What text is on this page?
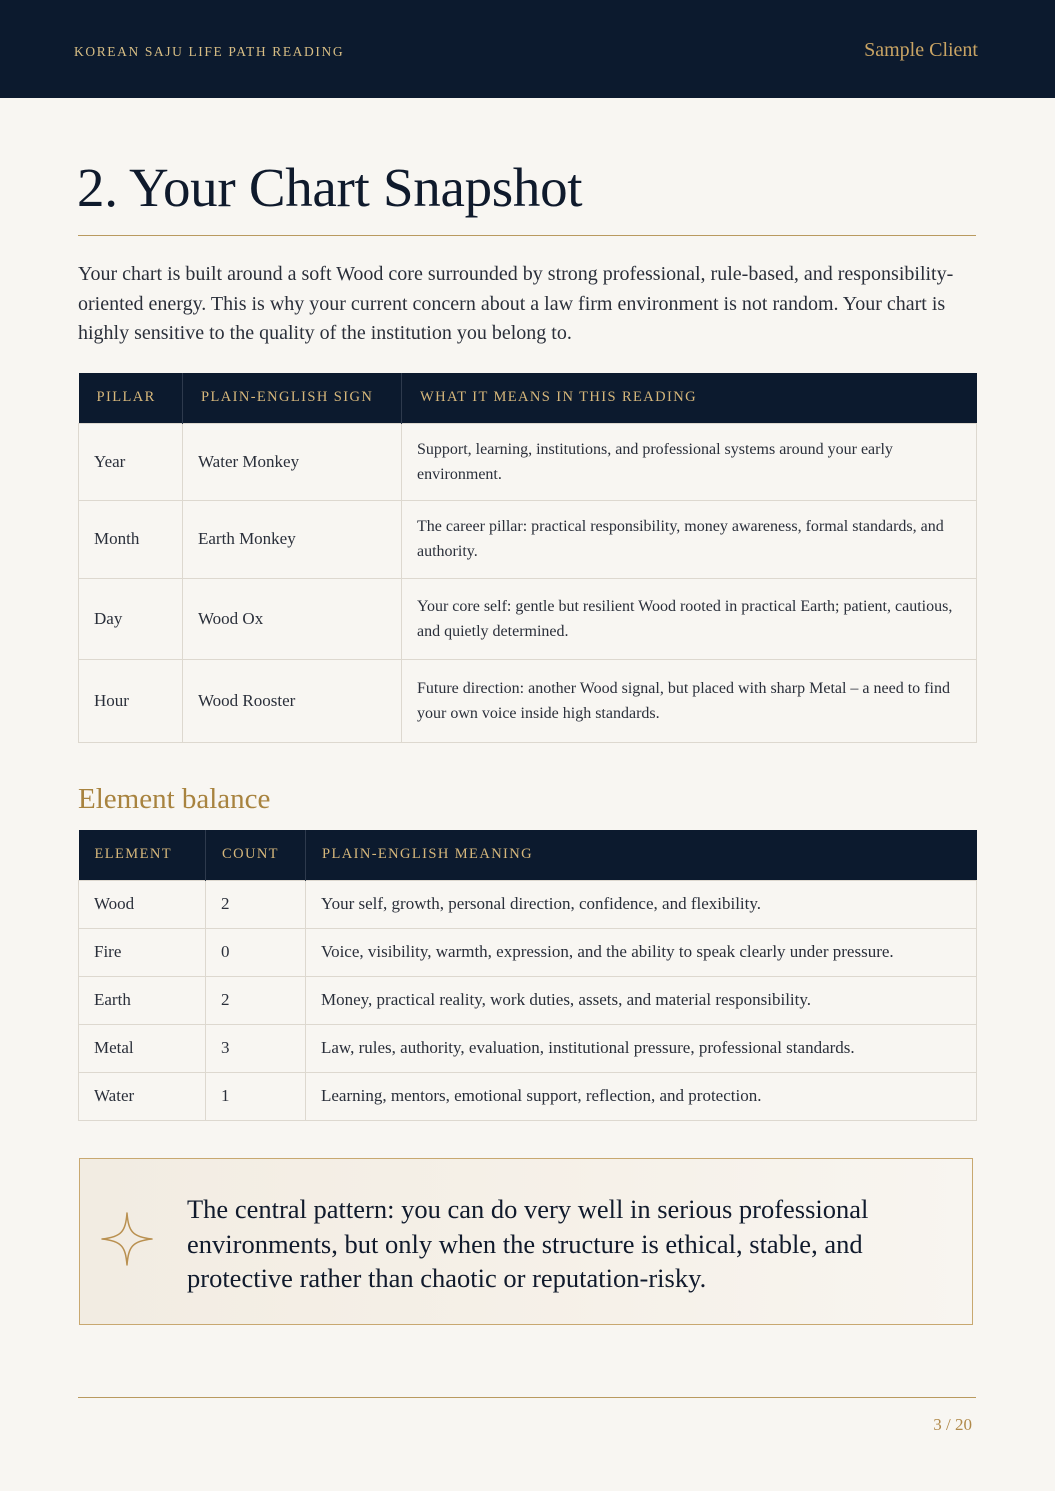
KOREAN SAJU LIFE PATH READING	Sample Client
2. Your Chart Snapshot

Your chart is built around a soft Wood core surrounded by strong professional, rule-based, and responsibility-oriented energy. This is why your current concern about a law firm environment is not random. Your chart is highly sensitive to the quality of the institution you belong to.

PILLAR	PLAIN-ENGLISH SIGN	WHAT IT MEANS IN THIS READING
Year	Water Monkey	Support, learning, institutions, and professional systems around your early environment.
Month	Earth Monkey	The career pillar: practical responsibility, money awareness, formal standards, and authority.
Day	Wood Ox	Your core self: gentle but resilient Wood rooted in practical Earth; patient, cautious, and quietly determined.
Hour	Wood Rooster	Future direction: another Wood signal, but placed with sharp Metal – a need to find your own voice inside high standards.
Element balance
ELEMENT	COUNT	PLAIN-ENGLISH MEANING
Wood	2	Your self, growth, personal direction, confidence, and flexibility.
Fire	0	Voice, visibility, warmth, expression, and the ability to speak clearly under pressure.
Earth	2	Money, practical reality, work duties, assets, and material responsibility.
Metal	3	Law, rules, authority, evaluation, institutional pressure, professional standards.
Water	1	Learning, mentors, emotional support, reflection, and protection.

The central pattern: you can do very well in serious professional environments, but only when the structure is ethical, stable, and protective rather than chaotic or reputation-risky.

3 / 20
